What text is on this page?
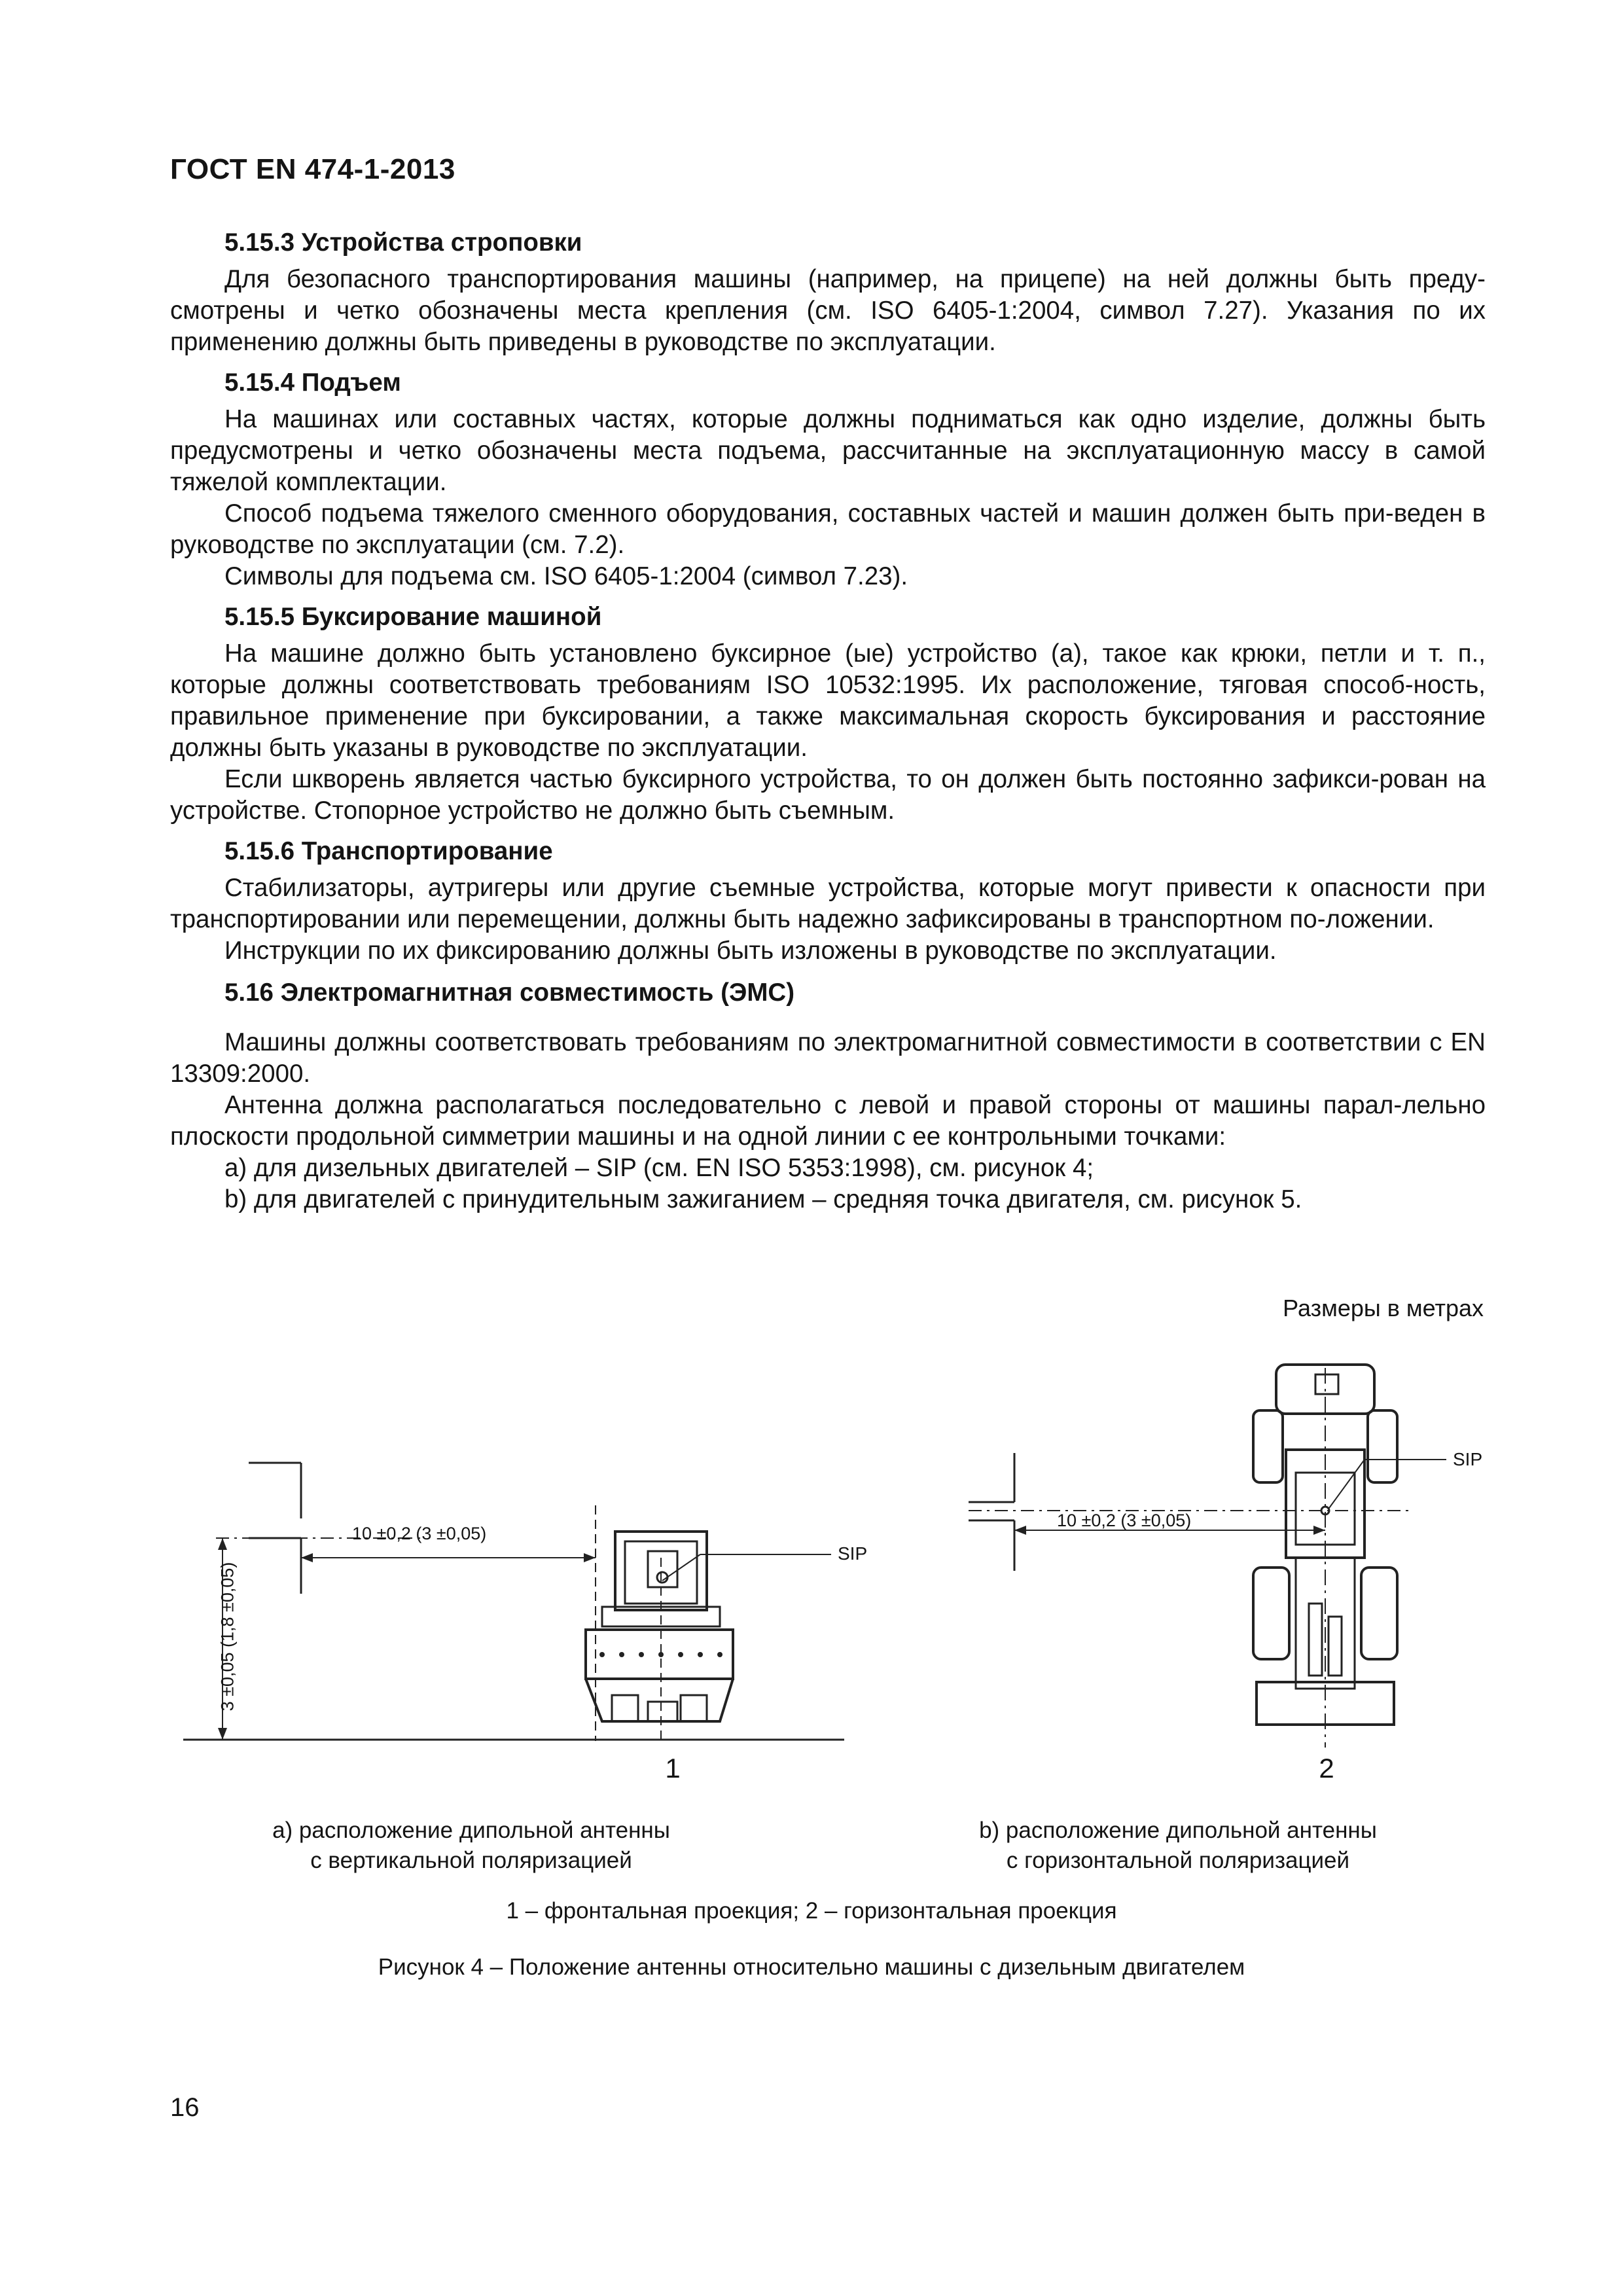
ГОСТ EN 474-1-2013
5.15.3 Устройства строповки

Для безопасного транспортирования машины (например, на прицепе) на ней должны быть преду-смотрены и четко обозначены места крепления (см. ISO 6405-1:2004, символ 7.27). Указания по их применению должны быть приведены в руководстве по эксплуатации.

5.15.4 Подъем

На машинах или составных частях, которые должны подниматься как одно изделие, должны быть предусмотрены и четко обозначены места подъема, рассчитанные на эксплуатационную массу в самой тяжелой комплектации.

Способ подъема тяжелого сменного оборудования, составных частей и машин должен быть при-веден в руководстве по эксплуатации (см. 7.2).

Символы для подъема см. ISO 6405-1:2004 (символ 7.23).

5.15.5 Буксирование машиной

На машине должно быть установлено буксирное (ые) устройство (а), такое как крюки, петли и т. п., которые должны соответствовать требованиям ISO 10532:1995. Их расположение, тяговая способ-ность, правильное применение при буксировании, а также максимальная скорость буксирования и расстояние должны быть указаны в руководстве по эксплуатации.

Если шкворень является частью буксирного устройства, то он должен быть постоянно зафикси-рован на устройстве. Стопорное устройство не должно быть съемным.

5.15.6 Транспортирование

Стабилизаторы, аутригеры или другие съемные устройства, которые могут привести к опасности при транспортировании или перемещении, должны быть надежно зафиксированы в транспортном по-ложении.

Инструкции по их фиксированию должны быть изложены в руководстве по эксплуатации.

5.16 Электромагнитная совместимость (ЭМС)

Машины должны соответствовать требованиям по электромагнитной совместимости в соответствии с EN 13309:2000.

Антенна должна располагаться последовательно с левой и правой стороны от машины парал-лельно плоскости продольной симметрии машины и на одной линии с ее контрольными точками:

a) для дизельных двигателей – SIP (см. EN ISO 5353:1998), см. рисунок 4;

b) для двигателей с принудительным зажиганием – средняя точка двигателя, см. рисунок 5.

Размеры в метрах
10 ±0,2 (3 ±0,05)
3 ±0,05 (1,8 ±0,05)
SIP
10 ±0,2 (3 ±0,05)
SIP
1	2
a) расположение дипольной антенны
с вертикальной поляризацией
b) расположение дипольной антенны
с горизонтальной поляризацией
1 – фронтальная проекция; 2 – горизонтальная проекция
Рисунок 4 – Положение антенны относительно машины с дизельным двигателем
16
